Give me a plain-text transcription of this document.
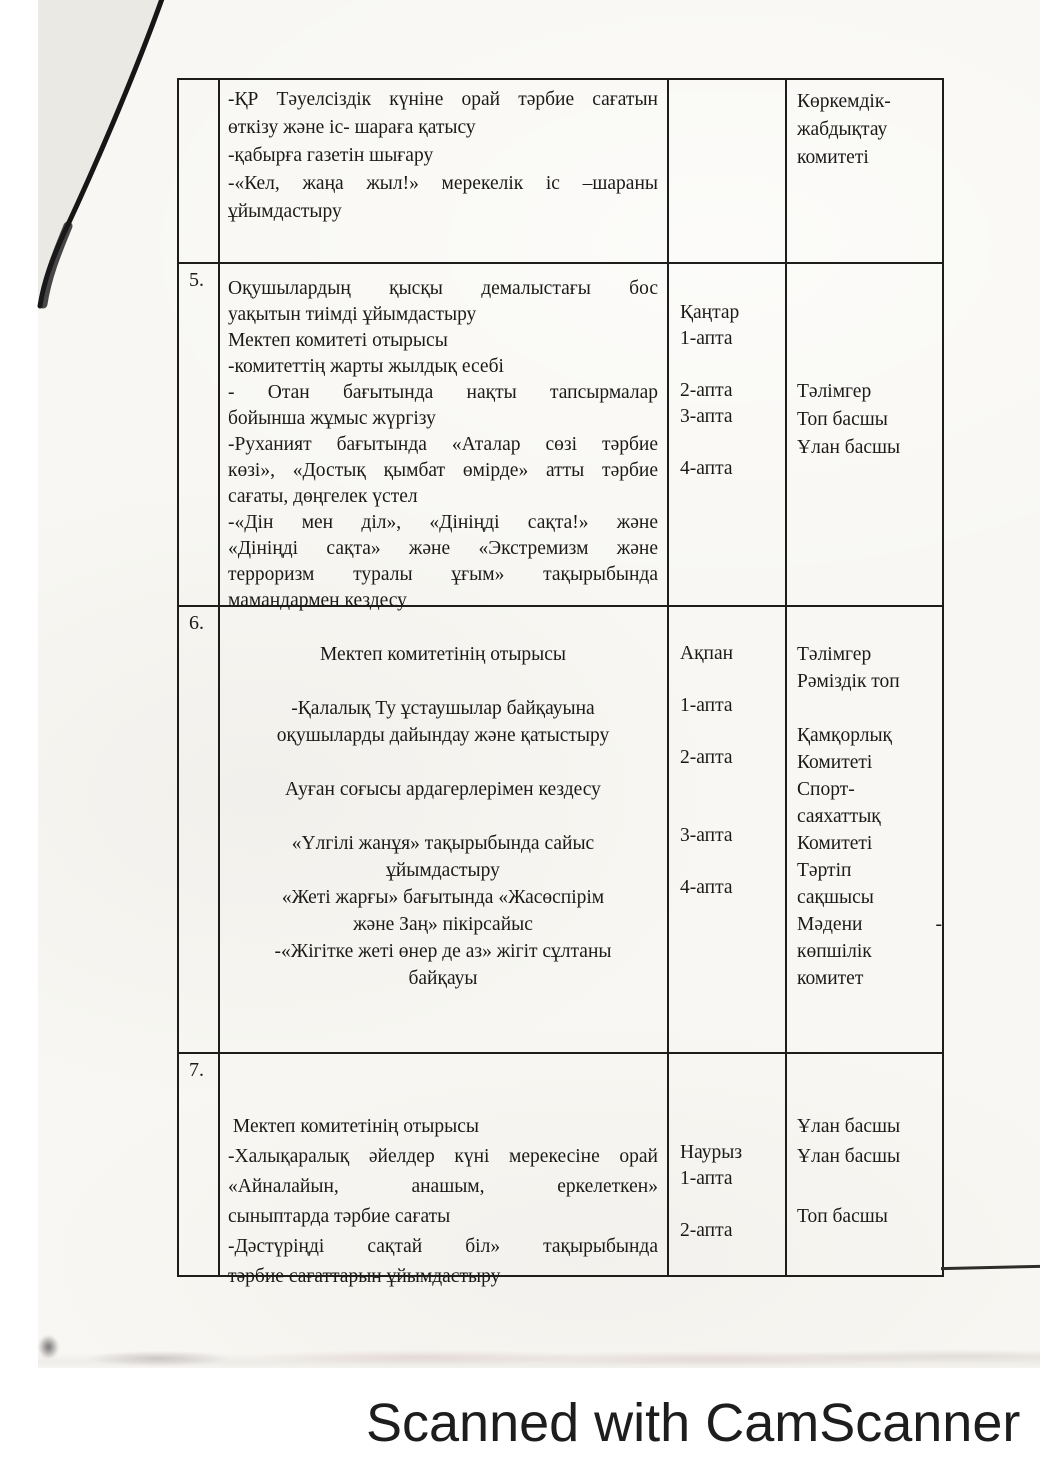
-ҚР Тәуелсіздік күніне орай тәрбие сағатын
өткізу және іс- шараға қатысу
-қабырға газетін шығару
-«Кел, жаңа жыл!» мерекелік іс –шараны
ұйымдастыру
Көркемдік-
жабдықтау
комитеті
5.	Оқушылардың қысқы демалыстағы бос
уақытын тиімді ұйымдастыру
Мектеп комитеті отырысы
-комитеттің жарты жылдық есебі
- Отан бағытында нақты тапсырмалар
бойынша жұмыс жүргізу
-Руханият бағытында «Аталар сөзі тәрбие
көзі», «Достық қымбат өмірде» атты тәрбие
сағаты, дөңгелек үстел
-«Дін мен діл», «Дініңді сақта!» және
«Дініңді сақта» және «Экстремизм және
терроризм туралы ұғым» тақырыбында
мамандармен кездесу
Қаңтар
1-апта

2-апта
3-апта

4-апта
Тәлімгер
Топ басшы
Ұлан басшы
6.
Мектеп комитетінің отырысы

-Қалалық Ту ұстаушылар байқауына
оқушыларды дайындау және қатыстыру

Ауған соғысы ардагерлерімен кездесу

«Үлгілі жанұя» тақырыбында сайыс
ұйымдастыру
«Жеті жарғы» бағытында «Жасөспірім
және Заң» пікірсайыс
-«Жігітке жеті өнер де аз» жігіт сұлтаны
байқауы
Ақпан

1-апта

2-апта

3-апта

4-апта
Тәлімгер
Рәміздік топ

Қамқорлық
Комитеті
Спорт-
саяхаттық
Комитеті
Тәртіп
сақшысы
Мәдени -
көпшілік
комитет
7.
Мектеп комитетінің отырысы
-Халықаралық әйелдер күні мерекесіне орай
«Айналайын, анашым, еркелеткен»
сыныптарда тәрбие сағаты
-Дәстүріңді сақтай біл» тақырыбында
тәрбие сағаттарын ұйымдастыру
Наурыз
1-апта

2-апта
Ұлан басшы
Ұлан басшы

Топ басшы
Scanned with CamScanner
